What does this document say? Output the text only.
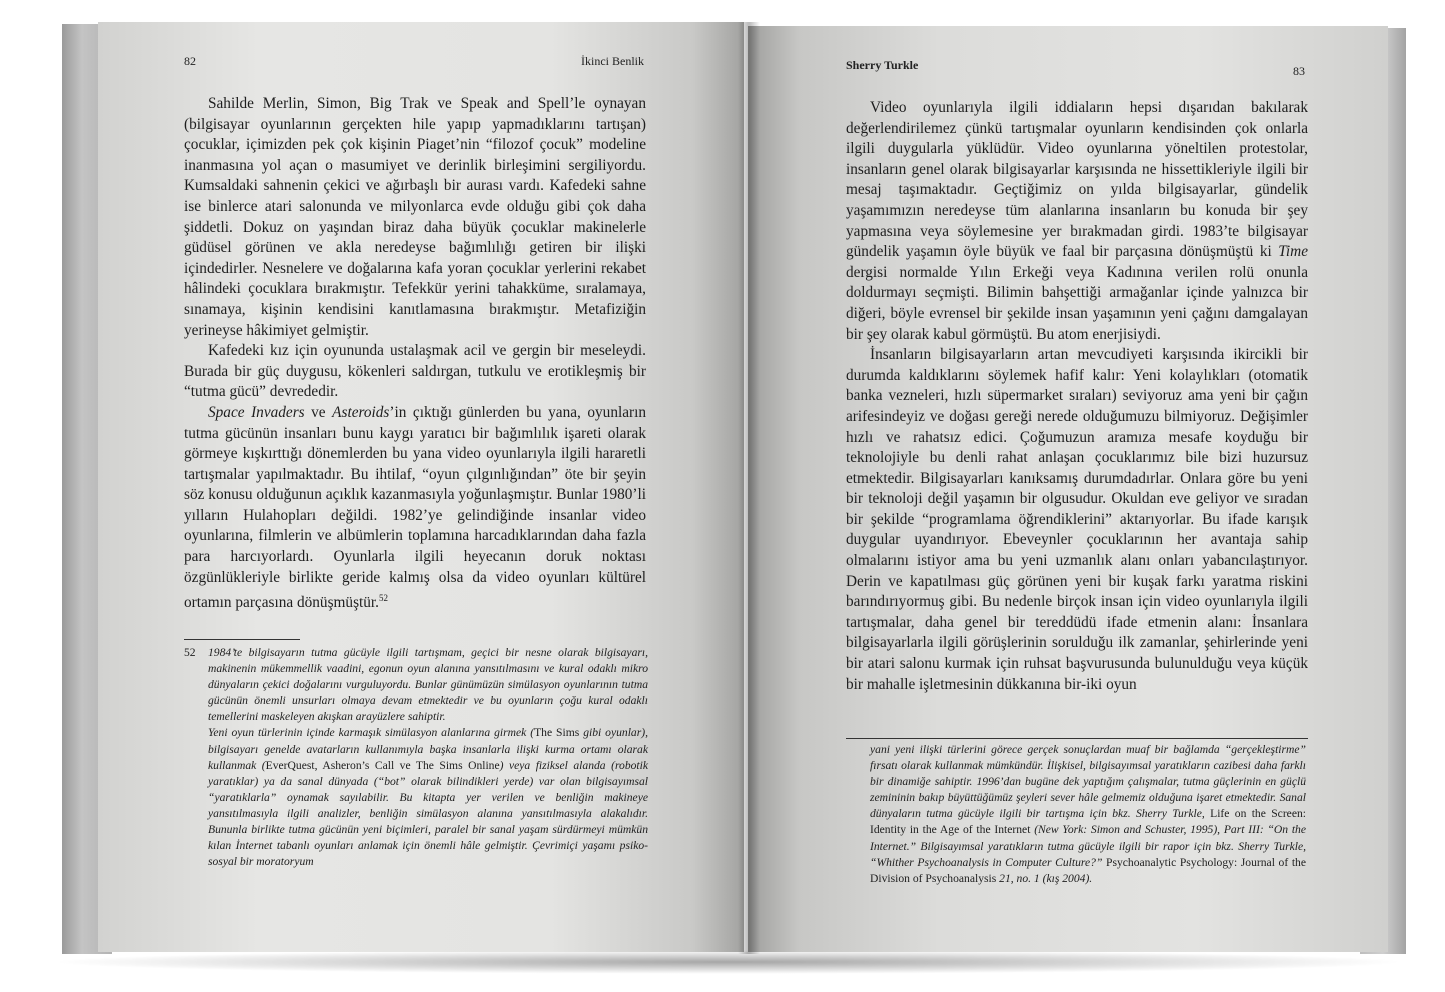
82	İkinci Benlik

Sahilde Merlin, Simon, Big Trak ve Speak and Spell’le oynayan (bilgisayar oyunlarının gerçekten hile yapıp yapmadıklarını tartışan) çocuklar, içimizden pek çok kişinin Piaget’nin “filozof çocuk” modeline inanmasına yol açan o masumiyet ve derinlik birleşimini sergiliyordu. Kumsaldaki sahnenin çekici ve ağırbaşlı bir aurası vardı. Kafedeki sahne ise binlerce atari salonunda ve milyonlarca evde olduğu gibi çok daha şiddetli. Dokuz on yaşından biraz daha büyük çocuklar makinelerle güdüsel görünen ve akla neredeyse bağımlılığı getiren bir ilişki içindedirler. Nesnelere ve doğalarına kafa yoran çocuklar yerlerini rekabet hâlindeki çocuklara bırakmıştır. Tefekkür yerini tahakküme, sıralamaya, sınamaya, kişinin kendisini kanıtlamasına bırakmıştır. Metafiziğin yerineyse hâkimiyet gelmiştir.

Kafedeki kız için oyununda ustalaşmak acil ve gergin bir meseleydi. Burada bir güç duygusu, kökenleri saldırgan, tutkulu ve erotikleşmiş bir “tutma gücü” devrededir.

Space Invaders ve Asteroids’in çıktığı günlerden bu yana, oyunların tutma gücünün insanları bunu kaygı yaratıcı bir bağımlılık işareti olarak görmeye kışkırttığı dönemlerden bu yana video oyunlarıyla ilgili hararetli tartışmalar yapılmaktadır. Bu ihtilaf, “oyun çılgınlığından” öte bir şeyin söz konusu olduğunun açıklık kazanmasıyla yoğunlaşmıştır. Bunlar 1980’li yılların Hulahopları değildi. 1982’ye gelindiğinde insanlar video oyunlarına, filmlerin ve albümlerin toplamına harcadıklarından daha fazla para harcıyorlardı. Oyunlarla ilgili heyecanın doruk noktası özgünlükleriyle birlikte geride kalmış olsa da video oyunları kültürel ortamın parçasına dönüşmüştür.$^{52}$

52 1984’te bilgisayarın tutma gücüyle ilgili tartışmam, geçici bir nesne olarak bilgisayarı, makinenin mükemmellik vaadini, egonun oyun alanına yansıtılmasını ve kural odaklı mikro dünyaların çekici doğalarını vurguluyordu. Bunlar günümüzün simülasyon oyunlarının tutma gücünün önemli unsurları olmaya devam etmektedir ve bu oyunların çoğu kural odaklı temellerini maskeleyen akışkan arayüzlere sahiptir.

Yeni oyun türlerinin içinde karmaşık simülasyon alanlarına girmek (The Sims gibi oyunlar), bilgisayarı genelde avatarların kullanımıyla başka insanlarla ilişki kurma ortamı olarak kullanmak (EverQuest, Asheron’s Call ve The Sims Online) veya fiziksel alanda (robotik yaratıklar) ya da sanal dünyada (“bot” olarak bilindikleri yerde) var olan bilgisayımsal “yaratıklarla” oynamak sayılabilir. Bu kitapta yer verilen ve benliğin makineye yansıtılmasıyla ilgili analizler, benliğin simülasyon alanına yansıtılmasıyla alakalıdır. Bununla birlikte tutma gücünün yeni biçimleri, paralel bir sanal yaşam sürdürmeyi mümkün kılan İnternet tabanlı oyunları anlamak için önemli hâle gelmiştir. Çevrimiçi yaşamı psiko-sosyal bir moratoryum

Sherry Turkle	83

Video oyunlarıyla ilgili iddiaların hepsi dışarıdan bakılarak değerlendirilemez çünkü tartışmalar oyunların kendisinden çok onlarla ilgili duygularla yüklüdür. Video oyunlarına yöneltilen protestolar, insanların genel olarak bilgisayarlar karşısında ne hissettikleriyle ilgili bir mesaj taşımaktadır. Geçtiğimiz on yılda bilgisayarlar, gündelik yaşamımızın neredeyse tüm alanlarına insanların bu konuda bir şey yapmasına veya söylemesine yer bırakmadan girdi. 1983’te bilgisayar gündelik yaşamın öyle büyük ve faal bir parçasına dönüşmüştü ki Time dergisi normalde Yılın Erkeği veya Kadınına verilen rolü onunla doldurmayı seçmişti. Bilimin bahşettiği armağanlar içinde yalnızca bir diğeri, böyle evrensel bir şekilde insan yaşamının yeni çağını damgalayan bir şey olarak kabul görmüştü. Bu atom enerjisiydi.

İnsanların bilgisayarların artan mevcudiyeti karşısında ikircikli bir durumda kaldıklarını söylemek hafif kalır: Yeni kolaylıkları (otomatik banka vezneleri, hızlı süpermarket sıraları) seviyoruz ama yeni bir çağın arifesindeyiz ve doğası gereği nerede olduğumuzu bilmiyoruz. Değişimler hızlı ve rahatsız edici. Çoğumuzun aramıza mesafe koyduğu bir teknolojiyle bu denli rahat anlaşan çocuklarımız bile bizi huzursuz etmektedir. Bilgisayarları kanıksamış durumdadırlar. Onlara göre bu yeni bir teknoloji değil yaşamın bir olgusudur. Okuldan eve geliyor ve sıradan bir şekilde “programlama öğrendiklerini” aktarıyorlar. Bu ifade karışık duygular uyandırıyor. Ebeveynler çocuklarının her avantaja sahip olmalarını istiyor ama bu yeni uzmanlık alanı onları yabancılaştırıyor. Derin ve kapatılması güç görünen yeni bir kuşak farkı yaratma riskini barındırıyormuş gibi. Bu nedenle birçok insan için video oyunlarıyla ilgili tartışmalar, daha genel bir tereddüdü ifade etmenin alanı: İnsanlara bilgisayarlarla ilgili görüşlerinin sorulduğu ilk zamanlar, şehirlerinde yeni bir atari salonu kurmak için ruhsat başvurusunda bulunulduğu veya küçük bir mahalle işletmesinin dükkanına bir-iki oyun

yani yeni ilişki türlerini görece gerçek sonuçlardan muaf bir bağlamda “gerçekleştirme” fırsatı olarak kullanmak mümkündür. İlişkisel, bilgisayımsal yaratıkların cazibesi daha farklı bir dinamiğe sahiptir. 1996’dan bugüne dek yaptığım çalışmalar, tutma güçlerinin en güçlü zemininin bakıp büyüttüğümüz şeyleri sever hâle gelmemiz olduğuna işaret etmektedir. Sanal dünyaların tutma gücüyle ilgili bir tartışma için bkz. Sherry Turkle, Life on the Screen: Identity in the Age of the Internet (New York: Simon and Schuster, 1995), Part III: “On the Internet.” Bilgisayımsal yaratıkların tutma gücüyle ilgili bir rapor için bkz. Sherry Turkle, “Whither Psychoanalysis in Computer Culture?” Psychoanalytic Psychology: Journal of the Division of Psychoanalysis 21, no. 1 (kış 2004).
